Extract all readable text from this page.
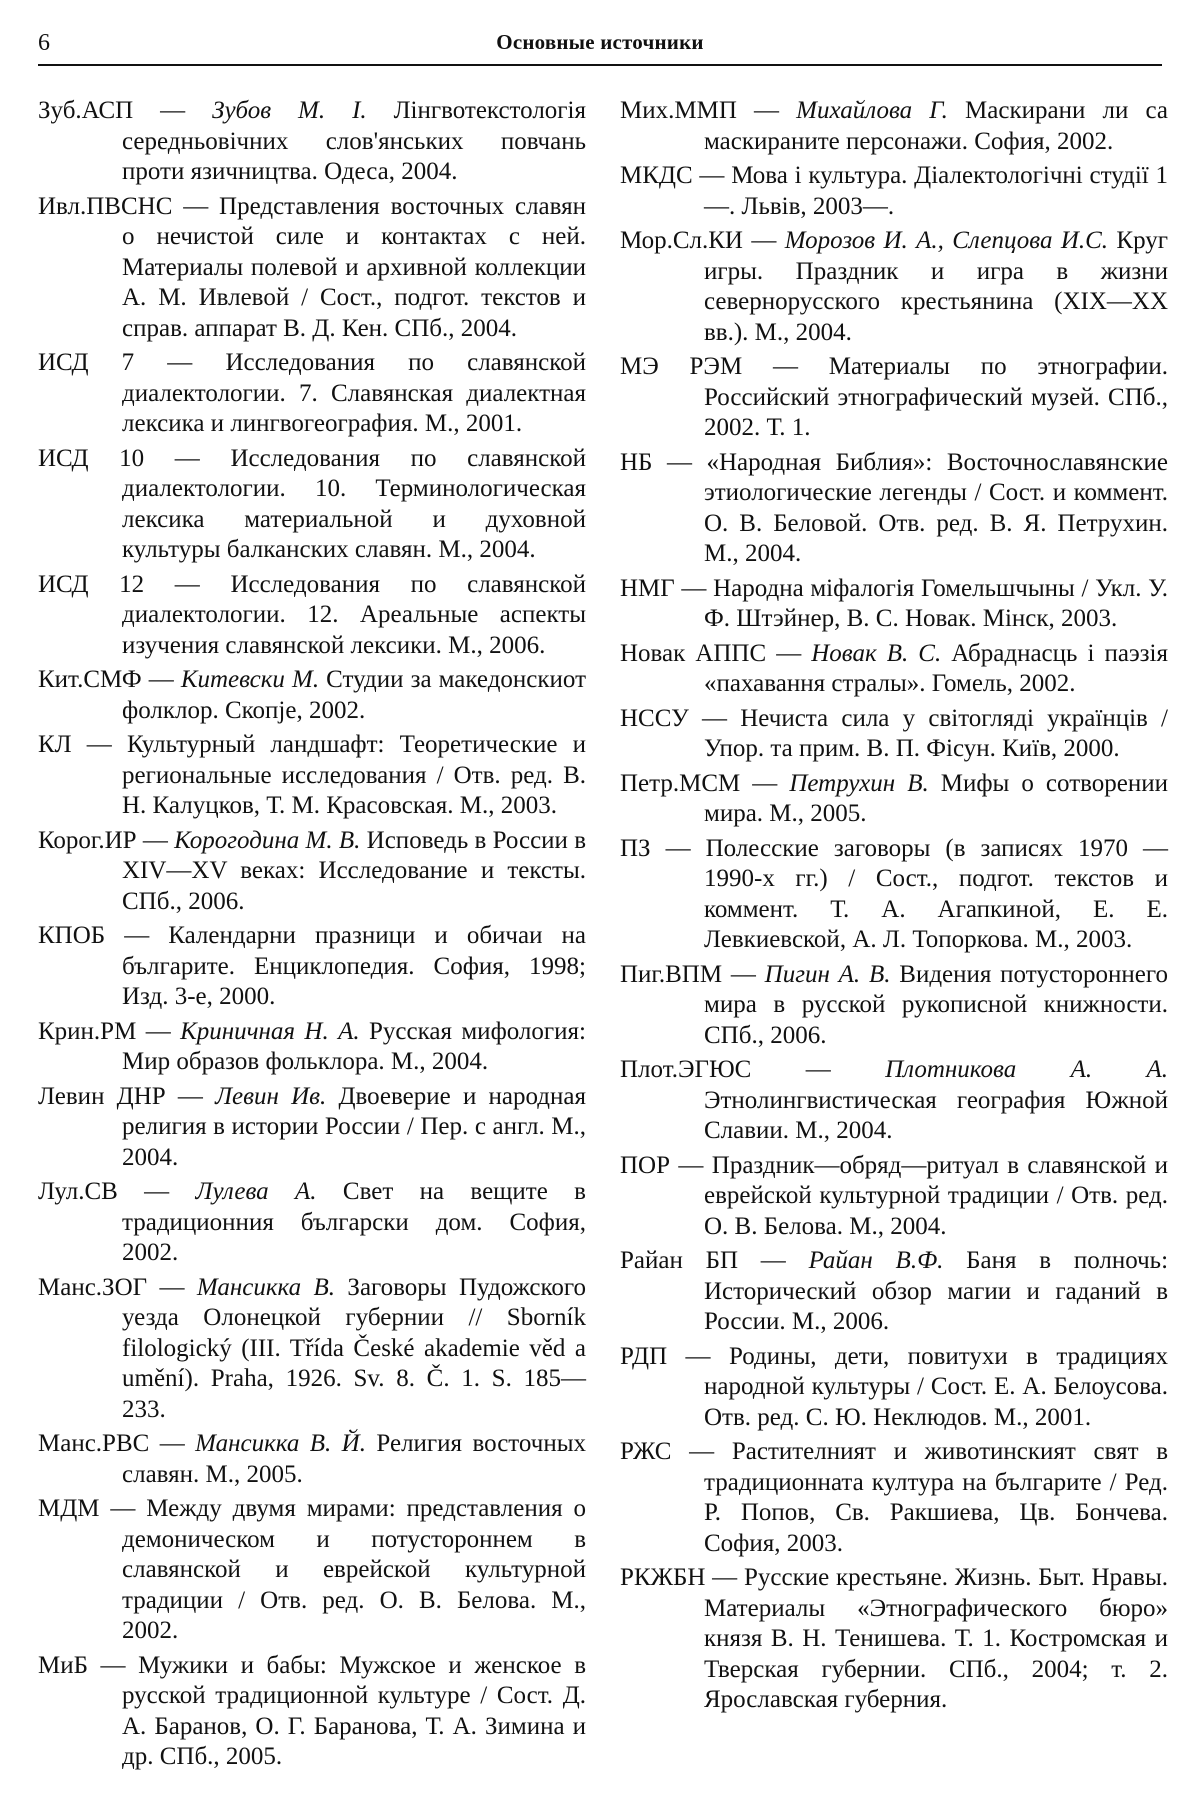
6	Основные источники

Зуб.АСП — Зубов М. І. Лінгвотекстологія середньовічних слов'янських повчань проти язичництва. Одеса, 2004.

Ивл.ПВСНС — Представления восточных славян о нечистой силе и контактах с ней. Материалы полевой и архивной коллекции А. М. Ивлевой / Сост., подгот. текстов и справ. аппарат В. Д. Кен. СПб., 2004.

ИСД 7 — Исследования по славянской диалектологии. 7. Славянская диалектная лексика и лингвогеография. М., 2001.

ИСД 10 — Исследования по славянской диалектологии. 10. Терминологическая лексика материальной и духовной культуры балканских славян. М., 2004.

ИСД 12 — Исследования по славянской диалектологии. 12. Ареальные аспекты изучения славянской лексики. М., 2006.

Кит.СМФ — Китевски М. Студии за македонскиот фолклор. Скопје, 2002.

КЛ — Культурный ландшафт: Теоретические и региональные исследования / Отв. ред. В. Н. Калуцков, Т. М. Красовская. М., 2003.

Корог.ИР — Корогодина М. В. Исповедь в России в XIV—XV веках: Исследование и тексты. СПб., 2006.

КПОБ — Календарни празници и обичаи на българите. Енциклопедия. София, 1998; Изд. 3-е, 2000.

Крин.РМ — Криничная Н. А. Русская мифология: Мир образов фольклора. М., 2004.

Левин ДНР — Левин Ив. Двоеверие и народная религия в истории России / Пер. с англ. М., 2004.

Лул.СВ — Лулева А. Свет на вещите в традиционния български дом. София, 2002.

Манс.ЗОГ — Мансикка В. Заговоры Пудожского уезда Олонецкой губернии // Sborník filologický (III. Třída České akademie věd a umění). Praha, 1926. Sv. 8. Č. 1. S. 185—233.

Манс.РВС — Мансикка В. Й. Религия восточных славян. М., 2005.

МДМ — Между двумя мирами: представления о демоническом и потустороннем в славянской и еврейской культурной традиции / Отв. ред. О. В. Белова. М., 2002.

МиБ — Мужики и бабы: Мужское и женское в русской традиционной культуре / Сост. Д. А. Баранов, О. Г. Баранова, Т. А. Зимина и др. СПб., 2005.

Мих.ММП — Михайлова Г. Маскирани ли са маскираните персонажи. София, 2002.

МКДС — Мова і культура. Діалектологічні студії 1—. Львів, 2003—.

Мор.Сл.КИ — Морозов И. А., Слепцова И.С. Круг игры. Праздник и игра в жизни севернорусского крестьянина (XIX—XX вв.). М., 2004.

МЭ РЭМ — Материалы по этнографии. Российский этнографический музей. СПб., 2002. Т. 1.

НБ — «Народная Библия»: Восточнославянские этиологические легенды / Сост. и коммент. О. В. Беловой. Отв. ред. В. Я. Петрухин. М., 2004.

НМГ — Народна міфалогія Гомельшчыны / Укл. У. Ф. Штэйнер, В. С. Новак. Мінск, 2003.

Новак АППС — Новак В. С. Абраднасць і паэзія «пахавання стралы». Гомель, 2002.

НССУ — Нечиста сила у світогляді українців / Упор. та прим. В. П. Фісун. Київ, 2000.

Петр.МСМ — Петрухин В. Мифы о сотворении мира. М., 2005.

ПЗ — Полесские заговоры (в записях 1970 — 1990-х гг.) / Сост., подгот. текстов и коммент. Т. А. Агапкиной, Е. Е. Левкиевской, А. Л. Топоркова. М., 2003.

Пиг.ВПМ — Пигин А. В. Видения потустороннего мира в русской рукописной книжности. СПб., 2006.

Плот.ЭГЮС — Плотникова А. А. Этнолингвистическая география Южной Славии. М., 2004.

ПОР — Праздник—обряд—ритуал в славянской и еврейской культурной традиции / Отв. ред. О. В. Белова. М., 2004.

Райан БП — Райан В.Ф. Баня в полночь: Исторический обзор магии и гаданий в России. М., 2006.

РДП — Родины, дети, повитухи в традициях народной культуры / Сост. Е. А. Белоусова. Отв. ред. С. Ю. Неклюдов. М., 2001.

РЖС — Растителният и животинският свят в традиционната култура на българите / Ред. Р. Попов, Св. Ракшиева, Цв. Бончева. София, 2003.

РКЖБН — Русские крестьяне. Жизнь. Быт. Нравы. Материалы «Этнографического бюро» князя В. Н. Тенишева. Т. 1. Костромская и Тверская губернии. СПб., 2004; т. 2. Ярославская губерния.
